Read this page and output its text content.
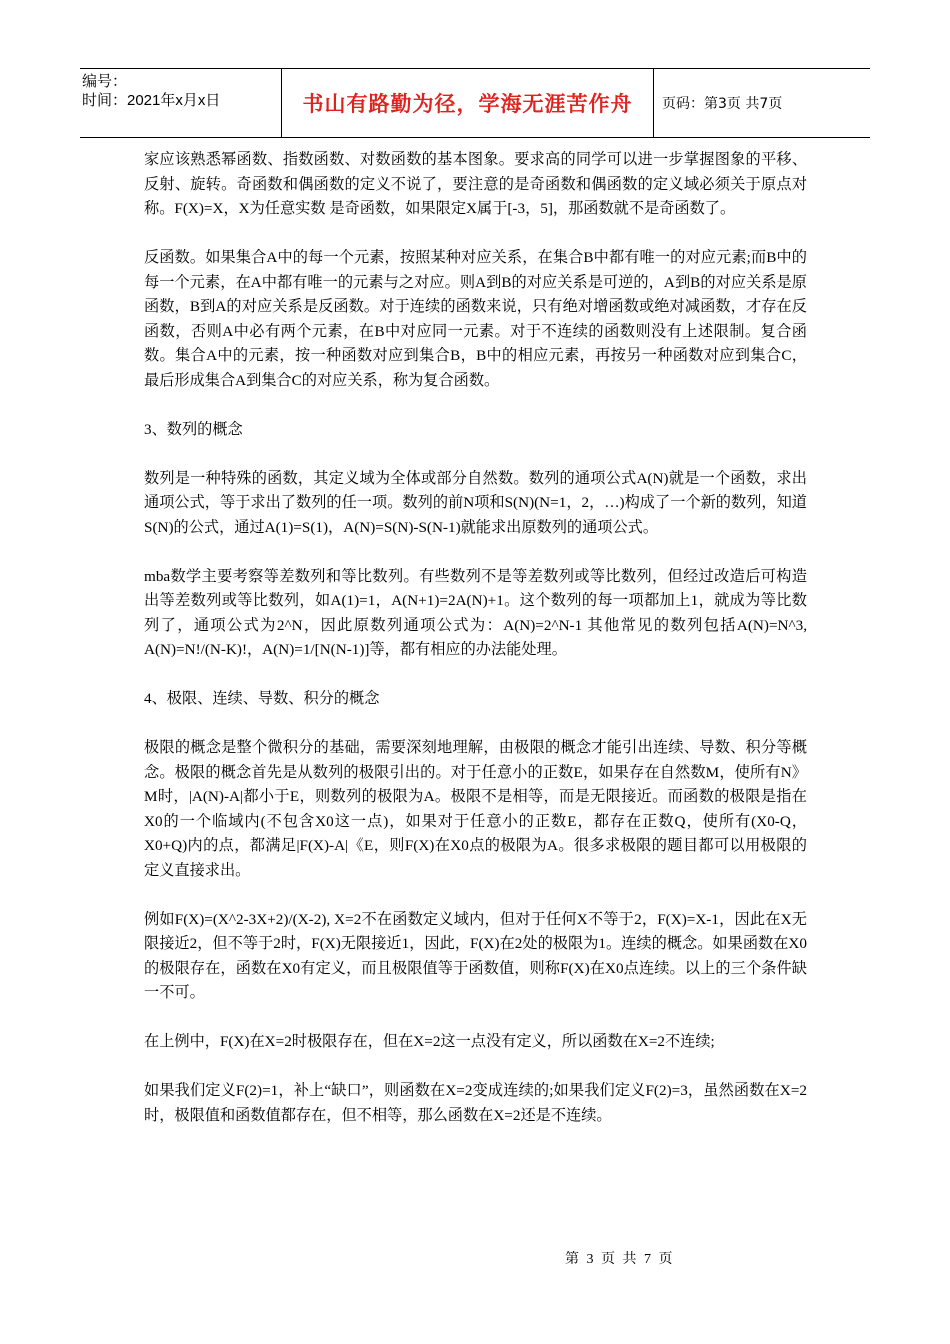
编号：
时间：2021年x月x日	书山有路勤为径，学海无涯苦作舟	页码：第3页 共7页

家应该熟悉幂函数、指数函数、对数函数的基本图象。要求高的同学可以进一步掌握图象的平移、反射、旋转。奇函数和偶函数的定义不说了，要注意的是奇函数和偶函数的定义域必须关于原点对称。F(X)=X，X为任意实数 是奇函数，如果限定X属于[-3，5]，那函数就不是奇函数了。

反函数。如果集合A中的每一个元素，按照某种对应关系，在集合B中都有唯一的对应元素;而B中的每一个元素，在A中都有唯一的元素与之对应。则A到B的对应关系是可逆的，A到B的对应关系是原函数，B到A的对应关系是反函数。对于连续的函数来说，只有绝对增函数或绝对减函数，才存在反函数，否则A中必有两个元素，在B中对应同一元素。对于不连续的函数则没有上述限制。复合函数。集合A中的元素，按一种函数对应到集合B，B中的相应元素，再按另一种函数对应到集合C，最后形成集合A到集合C的对应关系，称为复合函数。

3、数列的概念

数列是一种特殊的函数，其定义域为全体或部分自然数。数列的通项公式A(N)就是一个函数，求出通项公式，等于求出了数列的任一项。数列的前N项和S(N)(N=1，2，…)构成了一个新的数列，知道S(N)的公式，通过A(1)=S(1)，A(N)=S(N)-S(N-1)就能求出原数列的通项公式。

mba数学主要考察等差数列和等比数列。有些数列不是等差数列或等比数列，但经过改造后可构造出等差数列或等比数列，如A(1)=1，A(N+1)=2A(N)+1。这个数列的每一项都加上1，就成为等比数列了，通项公式为2^N，因此原数列通项公式为：A(N)=2^N-1 其他常见的数列包括A(N)=N^3, A(N)=N!/(N-K)!，A(N)=1/[N(N-1)]等，都有相应的办法能处理。

4、极限、连续、导数、积分的概念

极限的概念是整个微积分的基础，需要深刻地理解，由极限的概念才能引出连续、导数、积分等概念。极限的概念首先是从数列的极限引出的。对于任意小的正数E，如果存在自然数M，使所有N》M时，|A(N)-A|都小于E，则数列的极限为A。极限不是相等，而是无限接近。而函数的极限是指在X0的一个临域内(不包含X0这一点)，如果对于任意小的正数E，都存在正数Q，使所有(X0-Q，X0+Q)内的点，都满足|F(X)-A|《E，则F(X)在X0点的极限为A。很多求极限的题目都可以用极限的定义直接求出。

例如F(X)=(X^2-3X+2)/(X-2), X=2不在函数定义域内，但对于任何X不等于2，F(X)=X-1，因此在X无限接近2，但不等于2时，F(X)无限接近1，因此，F(X)在2处的极限为1。连续的概念。如果函数在X0的极限存在，函数在X0有定义，而且极限值等于函数值，则称F(X)在X0点连续。以上的三个条件缺一不可。

在上例中，F(X)在X=2时极限存在，但在X=2这一点没有定义，所以函数在X=2不连续;

如果我们定义F(2)=1，补上“缺口”，则函数在X=2变成连续的;如果我们定义F(2)=3，虽然函数在X=2时，极限值和函数值都存在，但不相等，那么函数在X=2还是不连续。

第 3 页 共 7 页
